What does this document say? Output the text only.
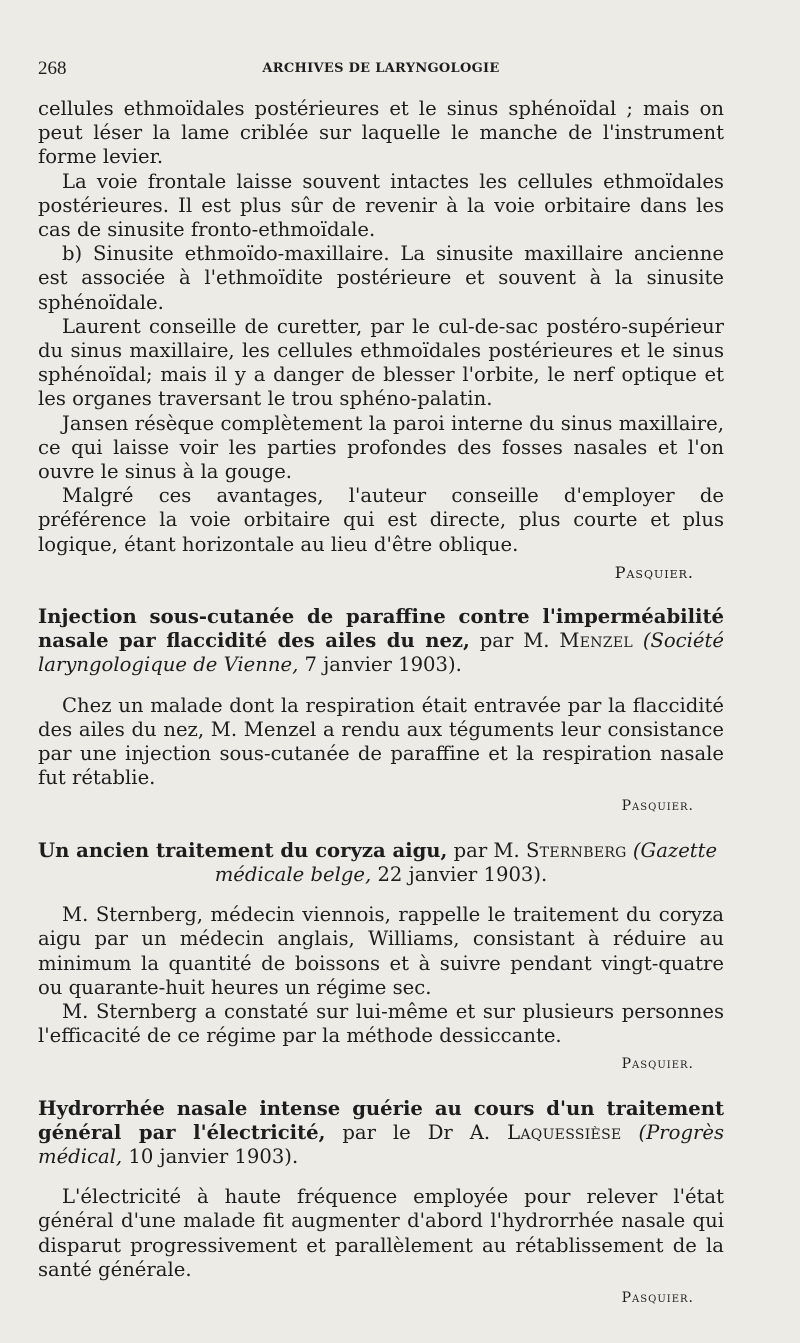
268	ARCHIVES DE LARYNGOLOGIE

cellules ethmoïdales postérieures et le sinus sphénoïdal ; mais on peut léser la lame criblée sur laquelle le manche de l'instrument forme levier.

La voie frontale laisse souvent intactes les cellules ethmoïdales postérieures. Il est plus sûr de revenir à la voie orbitaire dans les cas de sinusite fronto-ethmoïdale.

b) Sinusite ethmoïdo-maxillaire. La sinusite maxillaire ancienne est associée à l'ethmoïdite postérieure et souvent à la sinusite sphénoïdale.

Laurent conseille de curetter, par le cul-de-sac postéro-supérieur du sinus maxillaire, les cellules ethmoïdales postérieures et le sinus sphénoïdal; mais il y a danger de blesser l'orbite, le nerf optique et les organes traversant le trou sphéno-palatin.

Jansen résèque complètement la paroi interne du sinus maxillaire, ce qui laisse voir les parties profondes des fosses nasales et l'on ouvre le sinus à la gouge.

Malgré ces avantages, l'auteur conseille d'employer de préférence la voie orbitaire qui est directe, plus courte et plus logique, étant horizontale au lieu d'être oblique.

Pasquier.
Injection sous-cutanée de paraffine contre l'imperméabilité nasale par flaccidité des ailes du nez, par M. Menzel (Société laryngologique de Vienne, 7 janvier 1903).

Chez un malade dont la respiration était entravée par la flaccidité des ailes du nez, M. Menzel a rendu aux téguments leur consistance par une injection sous-cutanée de paraffine et la respiration nasale fut rétablie.

Pasquier.
Un ancien traitement du coryza aigu, par M. Sternberg (Gazette
médicale belge, 22 janvier 1903).

M. Sternberg, médecin viennois, rappelle le traitement du coryza aigu par un médecin anglais, Williams, consistant à réduire au minimum la quantité de boissons et à suivre pendant vingt-quatre ou quarante-huit heures un régime sec.

M. Sternberg a constaté sur lui-même et sur plusieurs personnes l'efficacité de ce régime par la méthode dessiccante.

Pasquier.
Hydrorrhée nasale intense guérie au cours d'un traitement général par l'électricité, par le Dr A. Laquessièse (Progrès médical, 10 janvier 1903).

L'électricité à haute fréquence employée pour relever l'état général d'une malade fit augmenter d'abord l'hydrorrhée nasale qui disparut progressivement et parallèlement au rétablissement de la santé générale.

Pasquier.
